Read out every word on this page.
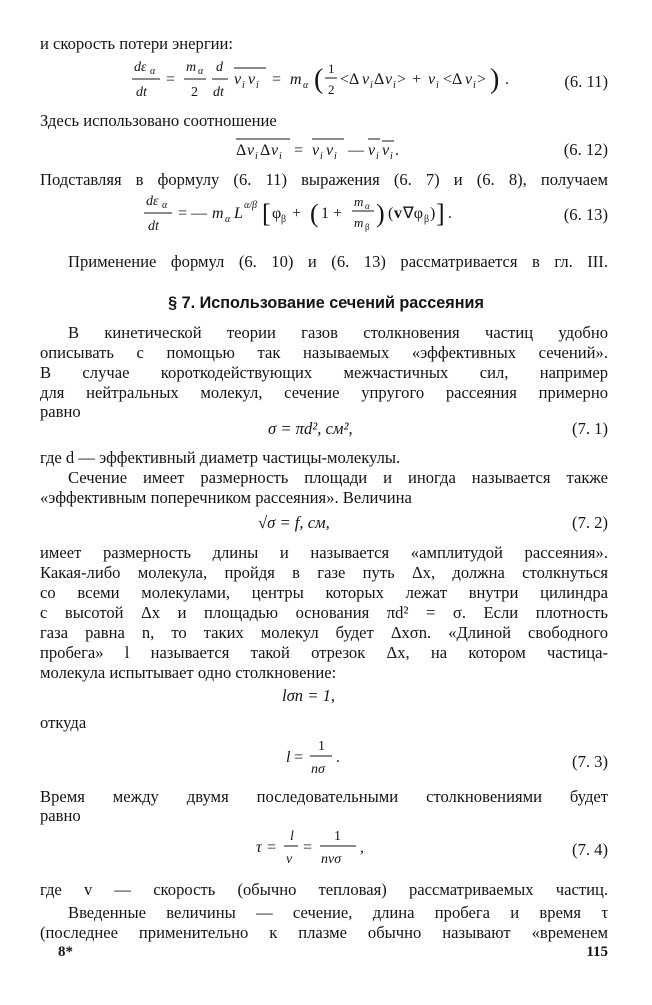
и скорость потери энергии:
dε α
dt
=
m α
2
d
dt
v i v i = m α ( 1
2
<Δ v i Δ v i > + v i <Δ v i > ) .	(6. 11)
Здесь использовано соотношение
Δ v i Δ v i = v i v i — v i v i .	(6. 12)
Подставляя в формулу (6. 11) выражения (6. 7) и (6. 8), получаем
dε α
dt
= — m α L α/β [ φ β + ( 1 +
m α
m β ) ( v ∇φ β ) ] .	(6. 13)
Применение формул (6. 10) и (6. 13) рассматривается в гл. III.
§ 7. Использование сечений рассеяния
В кинетической теории газов столкновения частиц удобно
описывать с помощью так называемых «эффективных сечений».
В случае короткодействующих межчастичных сил, например
для нейтральных молекул, сечение упругого рассеяния примерно
равно
σ = πd², см²,	(7. 1)
где d — эффективный диаметр частицы-молекулы.
Сечение имеет размерность площади и иногда называется также
«эффективным поперечником рассеяния». Величина
√σ = f, см,	(7. 2)
имеет размерность длины и называется «амплитудой рассеяния».
Какая-либо молекула, пройдя в газе путь Δx, должна столкнуться
со всеми молекулами, центры которых лежат внутри цилиндра
с высотой Δx и площадью основания πd² = σ. Если плотность
газа равна n, то таких молекул будет Δxσn. «Длиной свободного
пробега» l называется такой отрезок Δx, на котором частица-
молекула испытывает одно столкновение:
lσn = 1,
откуда
l =
1
nσ
.	(7. 3)
Время между двумя последовательными столкновениями будет
равно
τ =
l
v
=
1
nvσ
,	(7. 4)
где v — скорость (обычно тепловая) рассматриваемых частиц.
Введенные величины — сечение, длина пробега и время τ
(последнее применительно к плазме обычно называют «временем
8*	115
